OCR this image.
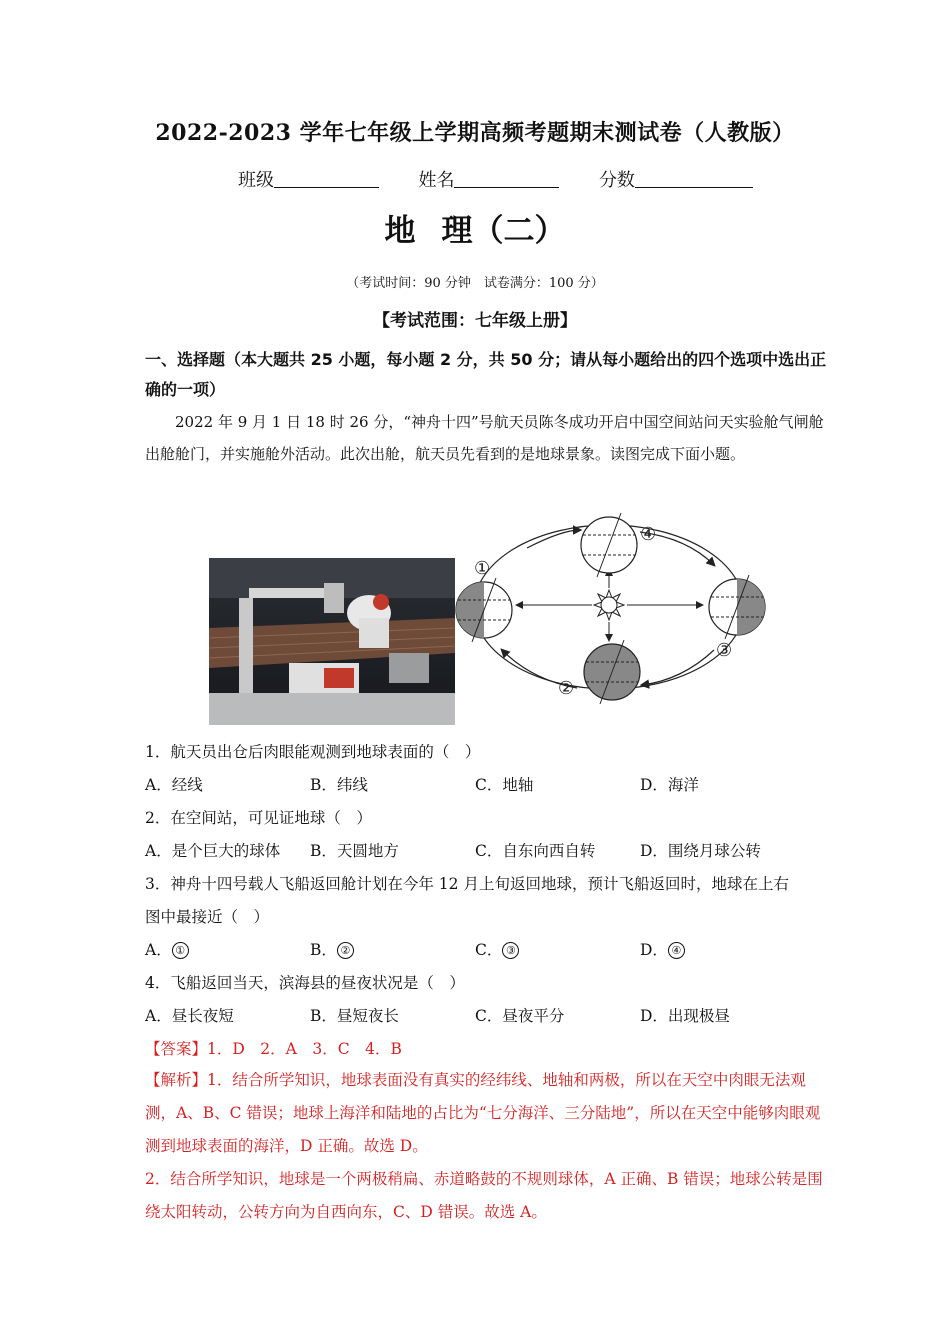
2022-2023 学年七年级上学期高频考题期末测试卷（人教版）
班级	姓名	分数
地 理（二）
（考试时间：90 分钟　试卷满分：100 分）
【考试范围：七年级上册】
一、选择题（本大题共 25 小题，每小题 2 分，共 50 分；请从每小题给出的四个选项中选出正确的一项）
2022 年 9 月 1 日 18 时 26 分，“神舟十四”号航天员陈冬成功开启中国空间站问天实验舱气闸舱出舱舱门，并实施舱外活动。此次出舱，航天员先看到的是地球景象。读图完成下面小题。
①
②
③
④
1．航天员出仓后肉眼能观测到地球表面的（　）
A．经线	B．纬线	C．地轴	D．海洋
2．在空间站，可见证地球（　）
A．是个巨大的球体 B．天圆地方	C．自东向西自转	D．围绕月球公转
3．神舟十四号载人飞船返回舱计划在今年 12 月上旬返回地球，预计飞船返回时，地球在上右
图中最接近（　）
A． ①	B． ②	C． ③	D． ④
4．飞船返回当天，滨海县的昼夜状况是（　）
A．昼长夜短	B．昼短夜长	C．昼夜平分	D．出现极昼
【答案】1．D　2．A　3．C　4．B
【解析】1．结合所学知识，地球表面没有真实的经纬线、地轴和两极，所以在天空中肉眼无法观测，A、B、C 错误；地球上海洋和陆地的占比为“七分海洋、三分陆地”，所以在天空中能够肉眼观测到地球表面的海洋，D 正确。故选 D。
2．结合所学知识，地球是一个两极稍扁、赤道略鼓的不规则球体，A 正确、B 错误；地球公转是围绕太阳转动，公转方向为自西向东，C、D 错误。故选 A。
